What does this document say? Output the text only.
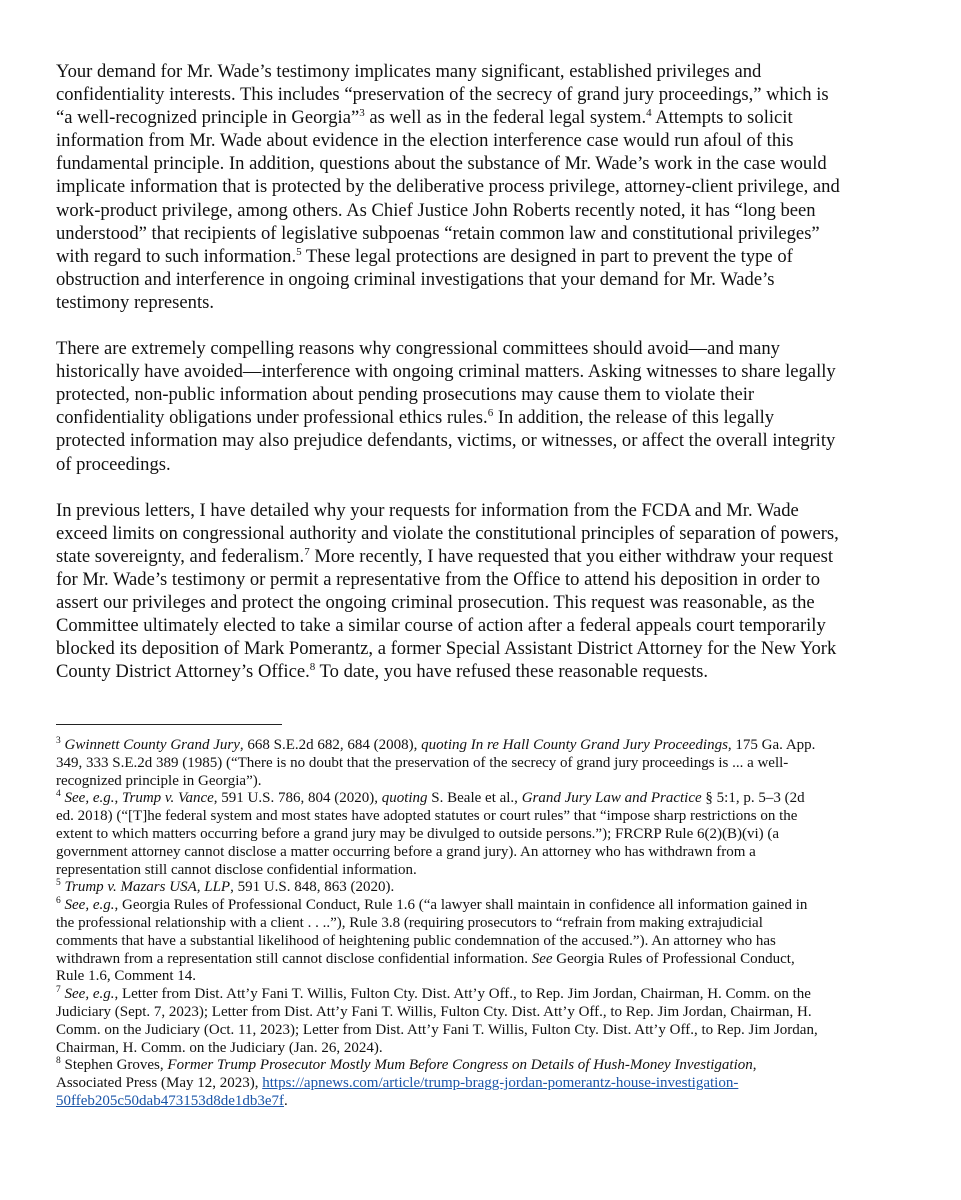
Your demand for Mr. Wade’s testimony implicates many significant, established privileges and
confidentiality interests. This includes “preservation of the secrecy of grand jury proceedings,” which is
“a well-recognized principle in Georgia”$^3$ as well as in the federal legal system.$^4$ Attempts to solicit
information from Mr. Wade about evidence in the election interference case would run afoul of this
fundamental principle. In addition, questions about the substance of Mr. Wade’s work in the case would
implicate information that is protected by the deliberative process privilege, attorney-client privilege, and
work-product privilege, among others. As Chief Justice John Roberts recently noted, it has “long been
understood” that recipients of legislative subpoenas “retain common law and constitutional privileges”
with regard to such information.$^5$ These legal protections are designed in part to prevent the type of
obstruction and interference in ongoing criminal investigations that your demand for Mr. Wade’s
testimony represents.

There are extremely compelling reasons why congressional committees should avoid—and many
historically have avoided—interference with ongoing criminal matters. Asking witnesses to share legally
protected, non-public information about pending prosecutions may cause them to violate their
confidentiality obligations under professional ethics rules.$^6$ In addition, the release of this legally
protected information may also prejudice defendants, victims, or witnesses, or affect the overall integrity
of proceedings.

In previous letters, I have detailed why your requests for information from the FCDA and Mr. Wade
exceed limits on congressional authority and violate the constitutional principles of separation of powers,
state sovereignty, and federalism.$^7$ More recently, I have requested that you either withdraw your request
for Mr. Wade’s testimony or permit a representative from the Office to attend his deposition in order to
assert our privileges and protect the ongoing criminal prosecution. This request was reasonable, as the
Committee ultimately elected to take a similar course of action after a federal appeals court temporarily
blocked its deposition of Mark Pomerantz, a former Special Assistant District Attorney for the New York
County District Attorney’s Office.$^8$ To date, you have refused these reasonable requests.

$^3$ Gwinnett County Grand Jury, 668 S.E.2d 682, 684 (2008), quoting In re Hall County Grand Jury Proceedings, 175 Ga. App.
349, 333 S.E.2d 389 (1985) (“There is no doubt that the preservation of the secrecy of grand jury proceedings is ... a well-
recognized principle in Georgia”).

$^4$ See, e.g., Trump v. Vance, 591 U.S. 786, 804 (2020), quoting S. Beale et al., Grand Jury Law and Practice § 5:1, p. 5–3 (2d
ed. 2018) (“[T]he federal system and most states have adopted statutes or court rules” that “impose sharp restrictions on the
extent to which matters occurring before a grand jury may be divulged to outside persons.”); FRCRP Rule 6(2)(B)(vi) (a
government attorney cannot disclose a matter occurring before a grand jury). An attorney who has withdrawn from a
representation still cannot disclose confidential information.

$^5$ Trump v. Mazars USA, LLP, 591 U.S. 848, 863 (2020).

$^6$ See, e.g., Georgia Rules of Professional Conduct, Rule 1.6 (“a lawyer shall maintain in confidence all information gained in
the professional relationship with a client . . ..”), Rule 3.8 (requiring prosecutors to “refrain from making extrajudicial
comments that have a substantial likelihood of heightening public condemnation of the accused.”). An attorney who has
withdrawn from a representation still cannot disclose confidential information. See Georgia Rules of Professional Conduct,
Rule 1.6, Comment 14.

$^7$ See, e.g., Letter from Dist. Att’y Fani T. Willis, Fulton Cty. Dist. Att’y Off., to Rep. Jim Jordan, Chairman, H. Comm. on the
Judiciary (Sept. 7, 2023); Letter from Dist. Att’y Fani T. Willis, Fulton Cty. Dist. Att’y Off., to Rep. Jim Jordan, Chairman, H.
Comm. on the Judiciary (Oct. 11, 2023); Letter from Dist. Att’y Fani T. Willis, Fulton Cty. Dist. Att’y Off., to Rep. Jim Jordan,
Chairman, H. Comm. on the Judiciary (Jan. 26, 2024).

$^8$ Stephen Groves, Former Trump Prosecutor Mostly Mum Before Congress on Details of Hush-Money Investigation,
Associated Press (May 12, 2023), https://apnews.com/article/trump-bragg-jordan-pomerantz-house-investigation-
50ffeb205c50dab473153d8de1db3e7f.
